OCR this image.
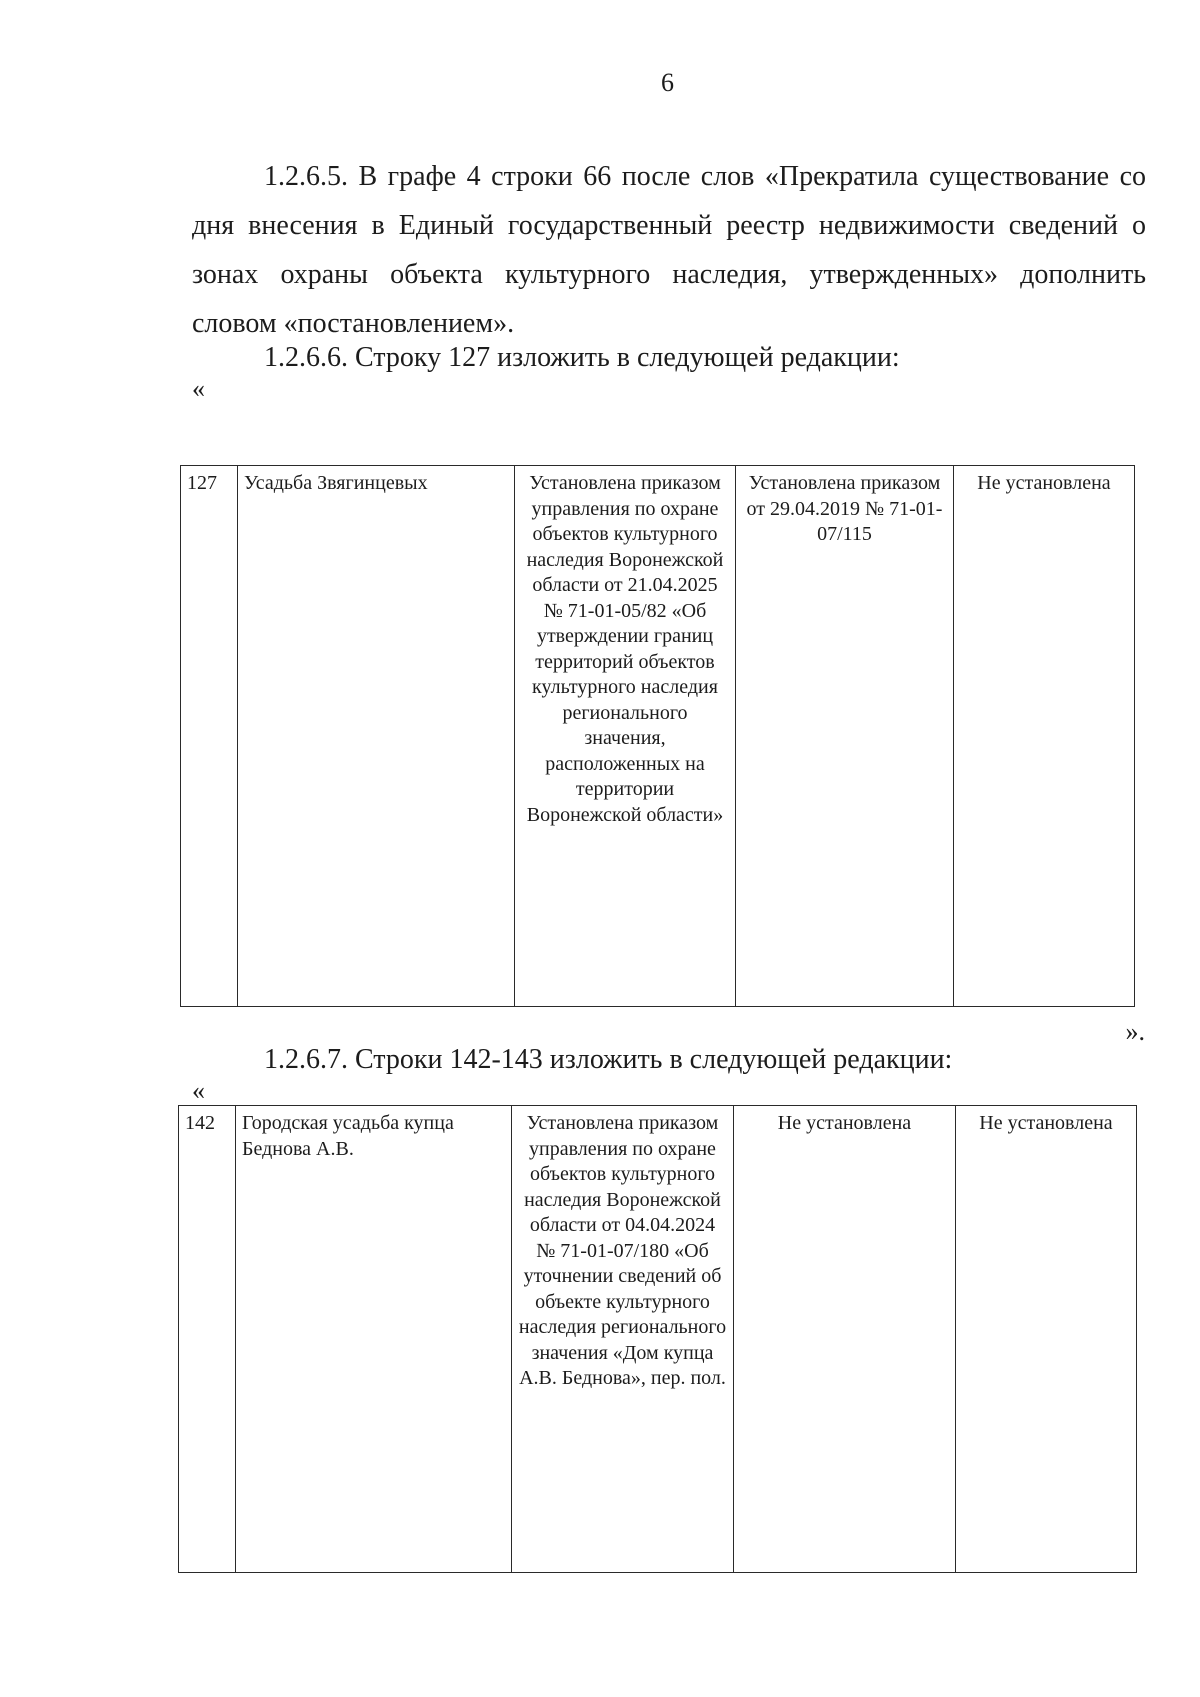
6

1.2.6.5. В графе 4 строки 66 после слов «Прекратила существование со дня внесения в Единый государственный реестр недвижимости сведений о зонах охраны объекта культурного наследия, утвержденных» дополнить словом «постановлением».

1.2.6.6. Строку 127 изложить в следующей редакции:

«
127	Усадьба Звягинцевых	Установлена приказом управления по охране объектов культурного наследия Воронежской области от 21.04.2025 № 71-01-05/82 «Об утверждении границ территорий объектов культурного наследия регионального значения, расположенных на территории Воронежской области»	Установлена приказом от 29.04.2019 № 71-01-07/115	Не установлена
».

1.2.6.7. Строки 142-143 изложить в следующей редакции:

«
142	Городская усадьба купца Беднова А.В.	Установлена приказом управления по охране объектов культурного наследия Воронежской области от 04.04.2024 № 71-01-07/180 «Об уточнении сведений об объекте культурного наследия регионального значения «Дом купца А.В. Беднова», пер. пол.	Не установлена	Не установлена
